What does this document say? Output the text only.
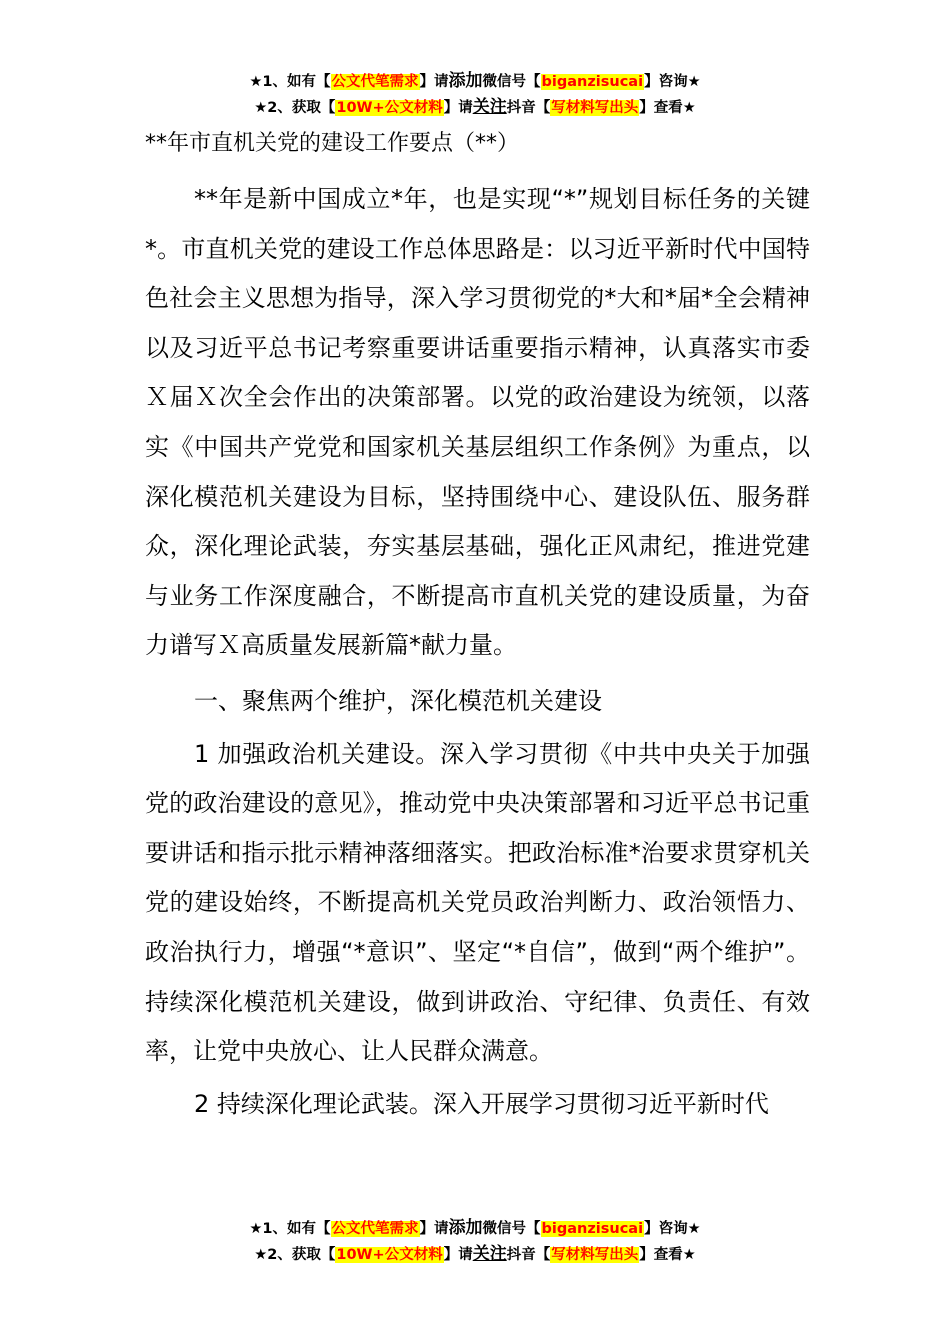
★1、如有【公文代笔需求】请添加微信号【biganzisucai】咨询★
★2、获取【10W+公文材料】请关注抖音【写材料写出头】查看★
**年市直机关党的建设工作要点（**）

**年是新中国成立*年，也是实现“*”规划目标任务的关键*。市直机关党的建设工作总体思路是：以习近平新时代中国特色社会主义思想为指导，深入学习贯彻党的*大和*届*全会精神以及习近平总书记考察重要讲话重要指示精神，认真落实市委Ｘ届Ｘ次全会作出的决策部署。以党的政治建设为统领，以落实《中国共产党党和国家机关基层组织工作条例》为重点，以深化模范机关建设为目标，坚持围绕中心、建设队伍、服务群众，深化理论武装，夯实基层基础，强化正风肃纪，推进党建与业务工作深度融合，不断提高市直机关党的建设质量，为奋力谱写Ｘ高质量发展新篇*献力量。

一、聚焦两个维护，深化模范机关建设

1 加强政治机关建设。深入学习贯彻《中共中央关于加强党的政治建设的意见》，推动党中央决策部署和习近平总书记重要讲话和指示批示精神落细落实。把政治标准*治要求贯穿机关党的建设始终，不断提高机关党员政治判断力、政治领悟力、政治执行力，增强“*意识”、坚定“*自信”，做到“两个维护”。持续深化模范机关建设，做到讲政治、守纪律、负责任、有效率，让党中央放心、让人民群众满意。

2 持续深化理论武装。深入开展学习贯彻习近平新时代

★1、如有【公文代笔需求】请添加微信号【biganzisucai】咨询★
★2、获取【10W+公文材料】请关注抖音【写材料写出头】查看★
